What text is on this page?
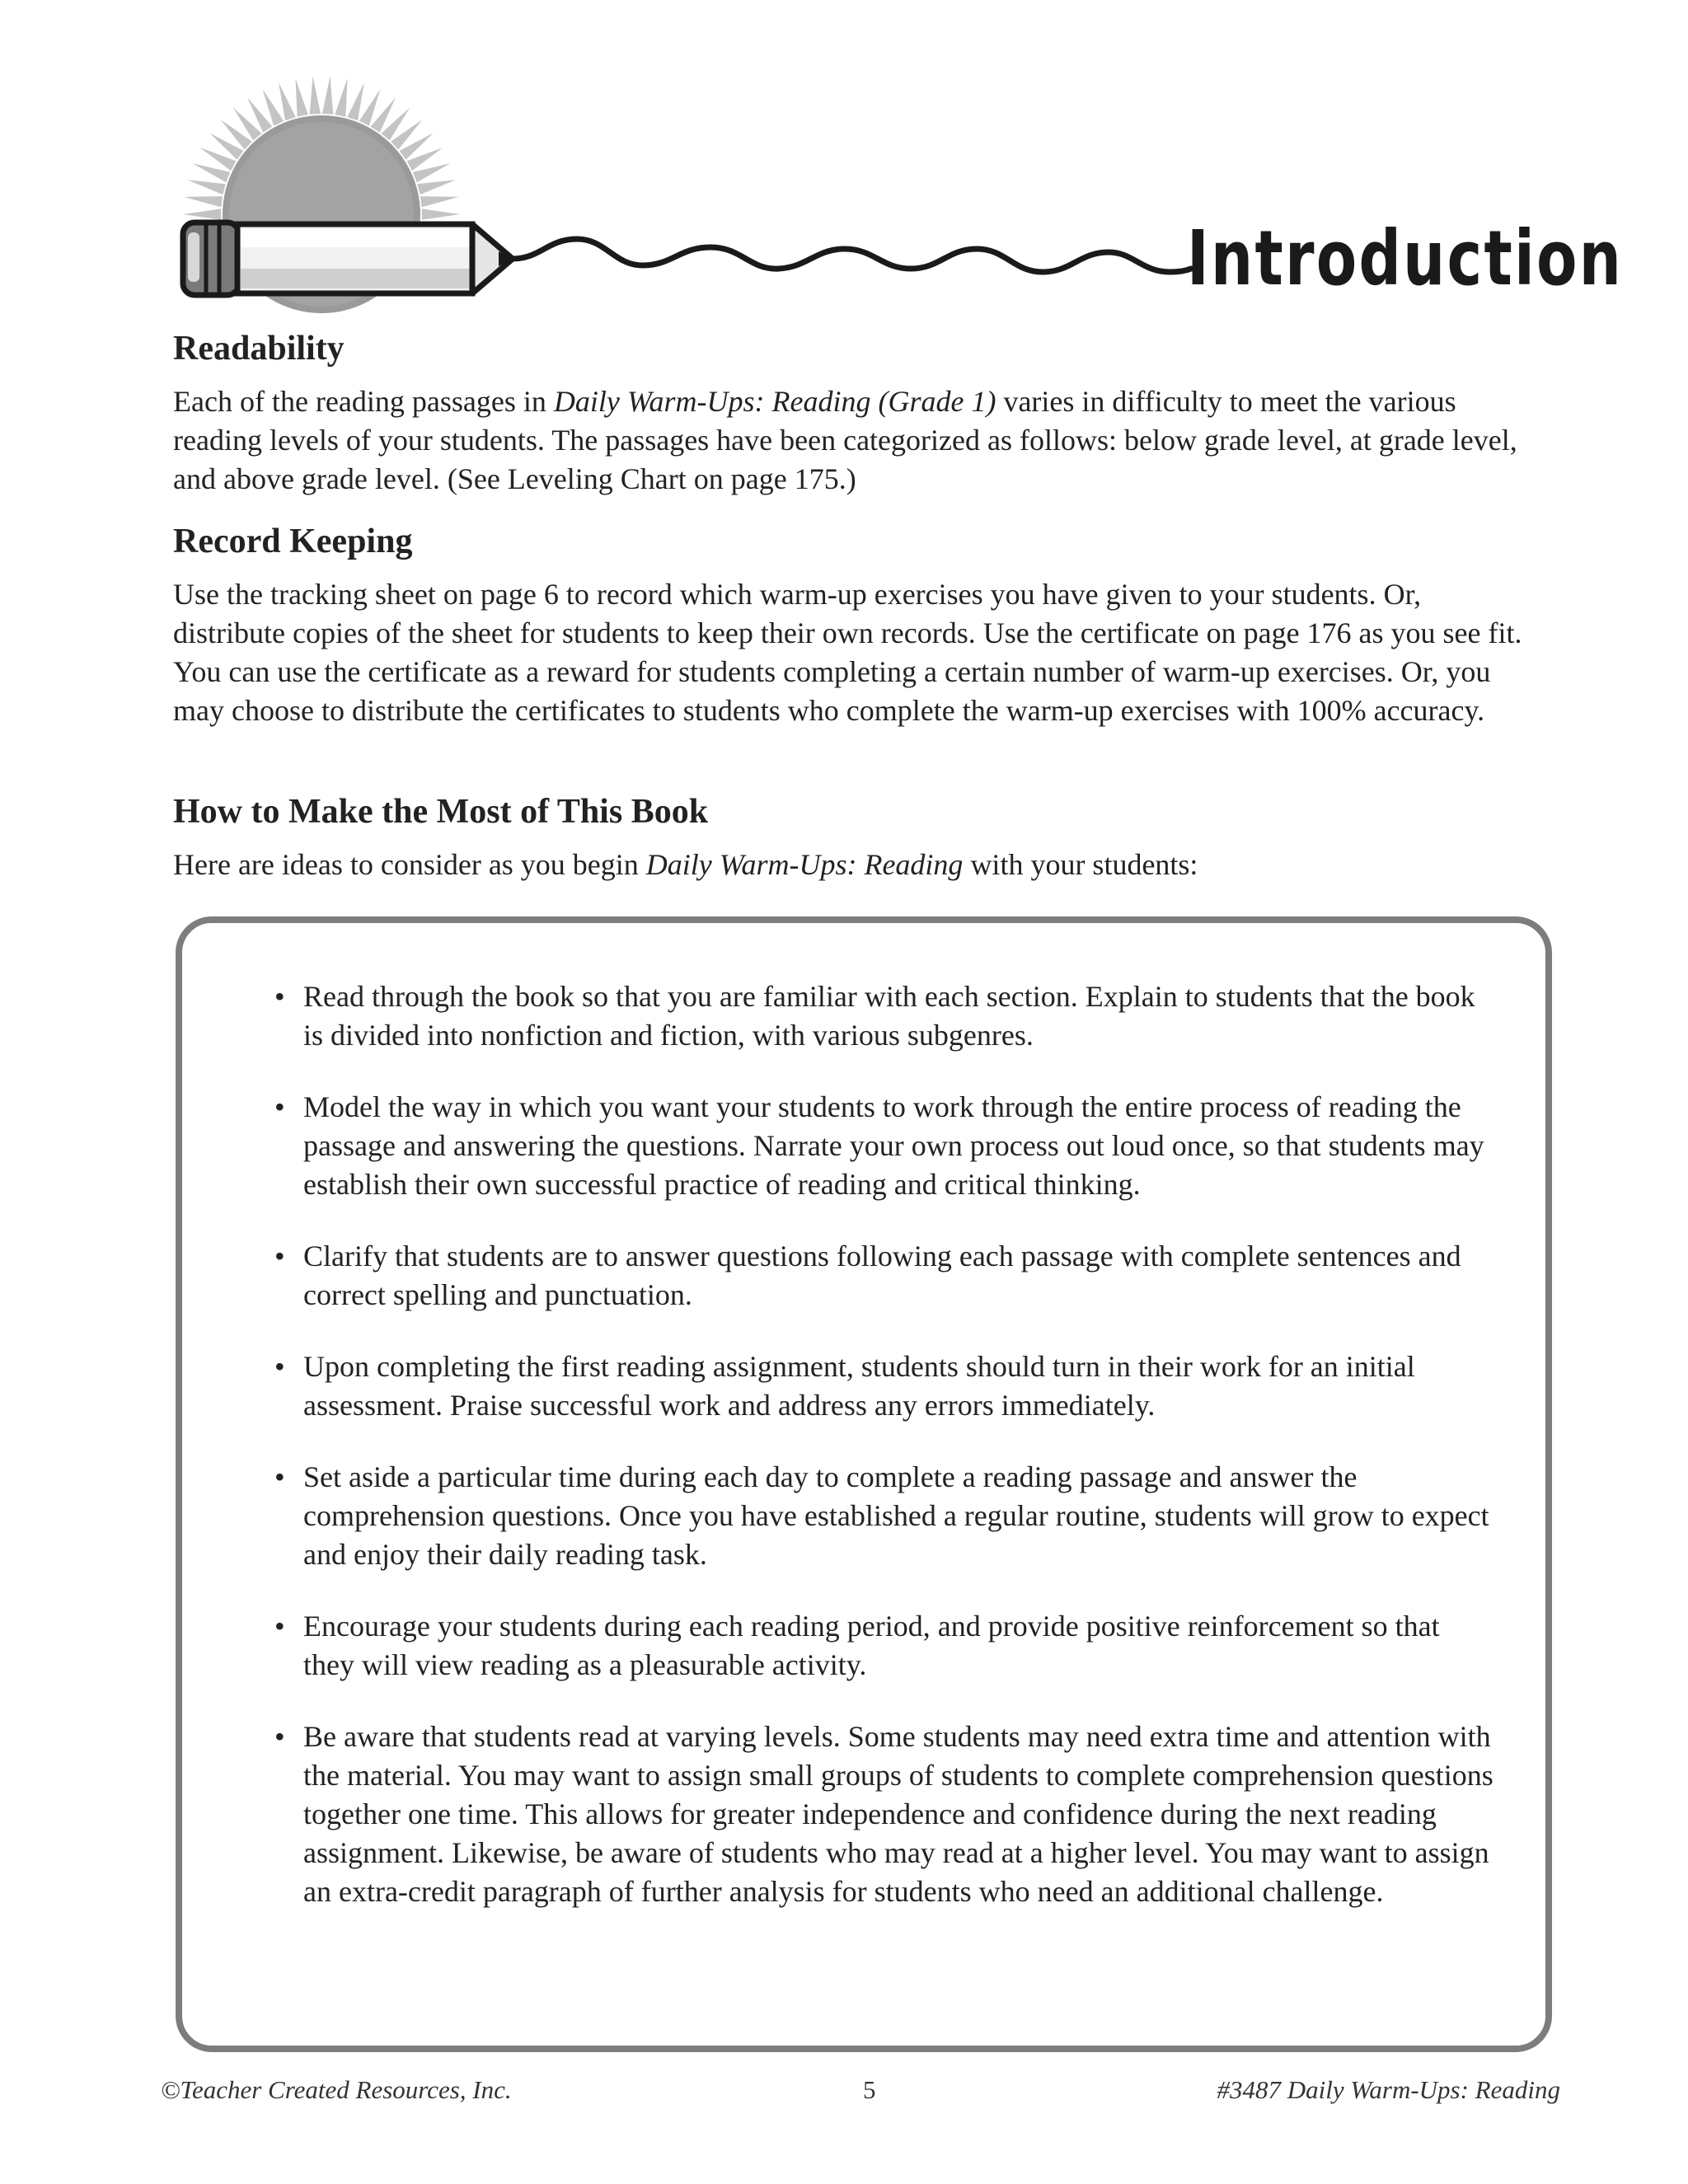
Introduction
Readability

Each of the reading passages in Daily Warm-Ups: Reading (Grade 1) varies in difficulty to meet the various reading levels of your students. The passages have been categorized as follows: below grade level, at grade level, and above grade level. (See Leveling Chart on page 175.)

Record Keeping

Use the tracking sheet on page 6 to record which warm-up exercises you have given to your students. Or, distribute copies of the sheet for students to keep their own records. Use the certificate on page 176 as you see fit. You can use the certificate as a reward for students completing a certain number of warm-up exercises. Or, you may choose to distribute the certificates to students who complete the warm-up exercises with 100% accuracy.

How to Make the Most of This Book

Here are ideas to consider as you begin Daily Warm-Ups: Reading with your students:

• Read through the book so that you are familiar with each section. Explain to students that the book is divided into nonfiction and fiction, with various subgenres.
• Model the way in which you want your students to work through the entire process of reading the passage and answering the questions. Narrate your own process out loud once, so that students may establish their own successful practice of reading and critical thinking.
• Clarify that students are to answer questions following each passage with complete sentences and correct spelling and punctuation.
• Upon completing the first reading assignment, students should turn in their work for an initial assessment. Praise successful work and address any errors immediately.
• Set aside a particular time during each day to complete a reading passage and answer the comprehension questions. Once you have established a regular routine, students will grow to expect and enjoy their daily reading task.
• Encourage your students during each reading period, and provide positive reinforcement so that they will view reading as a pleasurable activity.
• Be aware that students read at varying levels. Some students may need extra time and attention with the material. You may want to assign small groups of students to complete comprehension questions together one time. This allows for greater independence and confidence during the next reading assignment. Likewise, be aware of students who may read at a higher level. You may want to assign an extra-credit paragraph of further analysis for students who need an additional challenge.
©Teacher Created Resources, Inc.	5	#3487 Daily Warm-Ups: Reading
